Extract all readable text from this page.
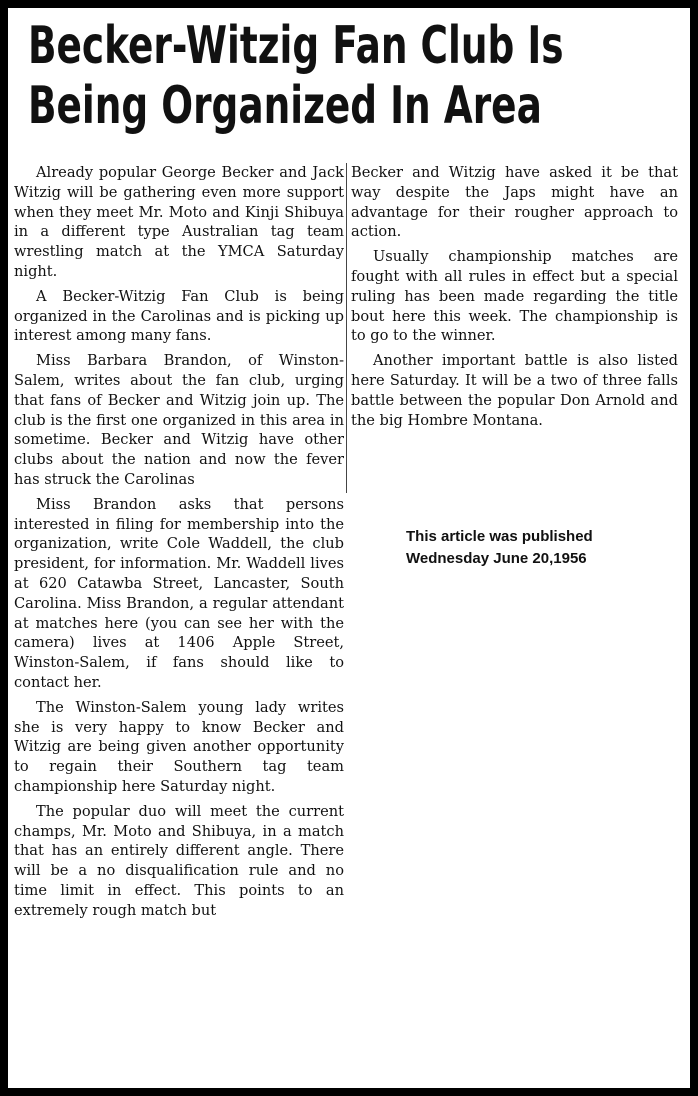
Becker-Witzig Fan Club Is
Being Organized In Area

Already popular George Becker and Jack Witzig will be gathering even more support when they meet Mr. Moto and Kinji Shibuya in a different type Australian tag team wrestling match at the YMCA Saturday night.

A Becker-Witzig Fan Club is being organized in the Carolinas and is picking up interest among many fans.

Miss Barbara Brandon, of Winston-Salem, writes about the fan club, urging that fans of Becker and Witzig join up. The club is the first one organized in this area in sometime. Becker and Witzig have other clubs about the nation and now the fever has struck the Carolinas

Miss Brandon asks that persons interested in filing for membership into the organization, write Cole Waddell, the club president, for information. Mr. Waddell lives at 620 Catawba Street, Lancaster, South Carolina. Miss Brandon, a regular attendant at matches here (you can see her with the camera) lives at 1406 Apple Street, Winston-Salem, if fans should like to contact her.

The Winston-Salem young lady writes she is very happy to know Becker and Witzig are being given another opportunity to regain their Southern tag team championship here Saturday night.

The popular duo will meet the current champs, Mr. Moto and Shibuya, in a match that has an entirely different angle. There will be a no disqualification rule and no time limit in effect. This points to an extremely rough match but

Becker and Witzig have asked it be that way despite the Japs might have an advantage for their rougher approach to action.

Usually championship matches are fought with all rules in effect but a special ruling has been made regarding the title bout here this week. The championship is to go to the winner.

Another important battle is also listed here Saturday. It will be a two of three falls battle between the popular Don Arnold and the big Hombre Montana.

This article was published
Wednesday June 20,1956
